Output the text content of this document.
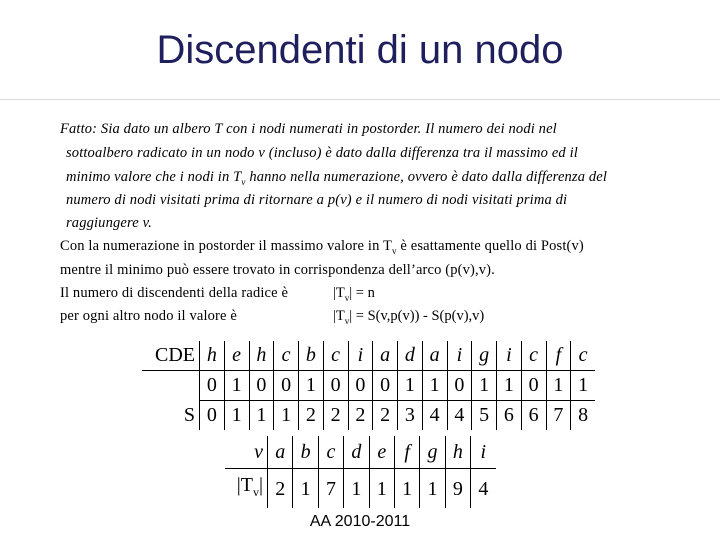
Discendenti di un nodo
Fatto: Sia dato un albero T con i nodi numerati in postorder. Il numero dei nodi nel
sottoalbero radicato in un nodo v (incluso) è dato dalla differenza tra il massimo ed il
minimo valore che i nodi in $T_v$ hanno nella numerazione, ovvero è dato dalla differenza del
numero di nodi visitati prima di ritornare a p(v) e il numero di nodi visitati prima di
raggiungere v.
Con la numerazione in postorder il massimo valore in $T_v$ è esattamente quello di Post(v)
mentre il minimo può essere trovato in corrispondenza dell’arco (p(v),v).
Il numero di discendenti della radice è	$|T_v| = n$
per ogni altro nodo il valore è	$|T_v| = S(v,p(v)) - S(p(v),v)$
CDE	h	e	h	c	b	c	i	a	d	a	i	g	i	c	f	c
	0	1	0	0	1	0	0	0	1	1	0	1	1	0	1	1
S	0	1	1	1	2	2	2	2	3	4	4	5	6	6	7	8
v	a	b	c	d	e	f	g	h	i
$|T_v|$	2	1	7	1	1	1	1	9	4
AA 2010-2011
